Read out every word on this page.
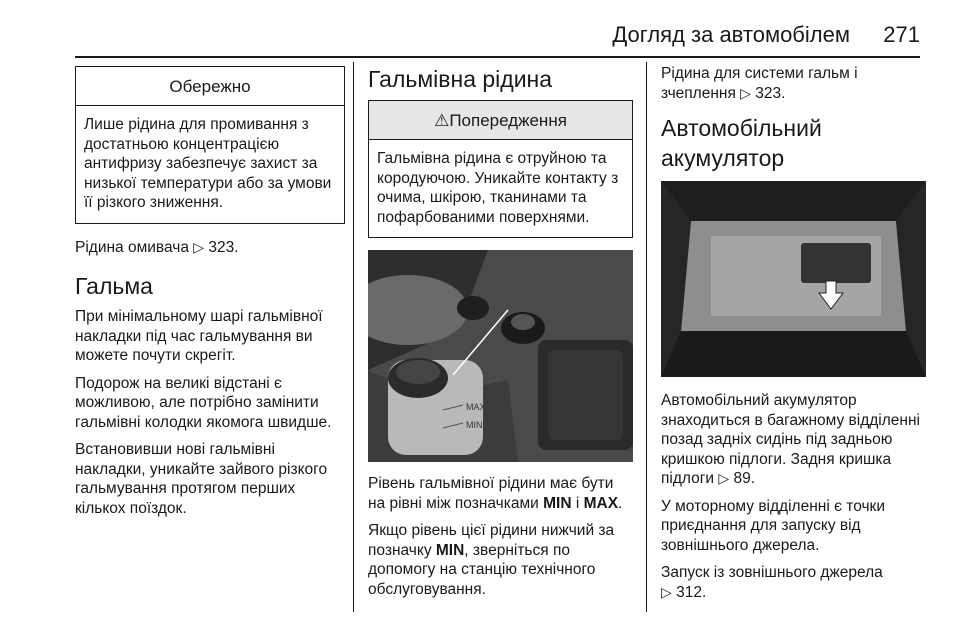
Догляд за автомобілем 271
Обережно
Лише рідина для промивання з достатньою концентрацією антифризу забезпечує захист за низької температури або за умови її різкого зниження.

Рідина омивача ▷ 323.

Гальма

При мінімальному шарі гальмівної накладки під час гальмування ви можете почути скрегіт.

Подорож на великі відстані є можливою, але потрібно замінити гальмівні колодки якомога швидше.

Встановивши нові гальмівні накладки, уникайте зайвого різкого гальмування протягом перших кількох поїздок.

Гальмівна рідина
⚠Попередження
Гальмівна рідина є отруйною та кородуючою. Уникайте контакту з очима, шкірою, тканинами та пофарбованими поверхнями.
MAX
MIN

Рівень гальмівної рідини має бути на рівні між позначками MIN і MAX.

Якщо рівень цієї рідини нижчий за позначку MIN, зверніться по допомогу на станцію технічного обслуговування.

Рідина для системи гальм і зчеплення ▷ 323.

Автомобільний акумулятор

Автомобільний акумулятор знаходиться в багажному відділенні позад задніх сидінь під задньою кришкою підлоги. Задня кришка підлоги ▷ 89.

У моторному відділенні є точки приєднання для запуску від зовнішнього джерела.

Запуск із зовнішнього джерела
▷ 312.
